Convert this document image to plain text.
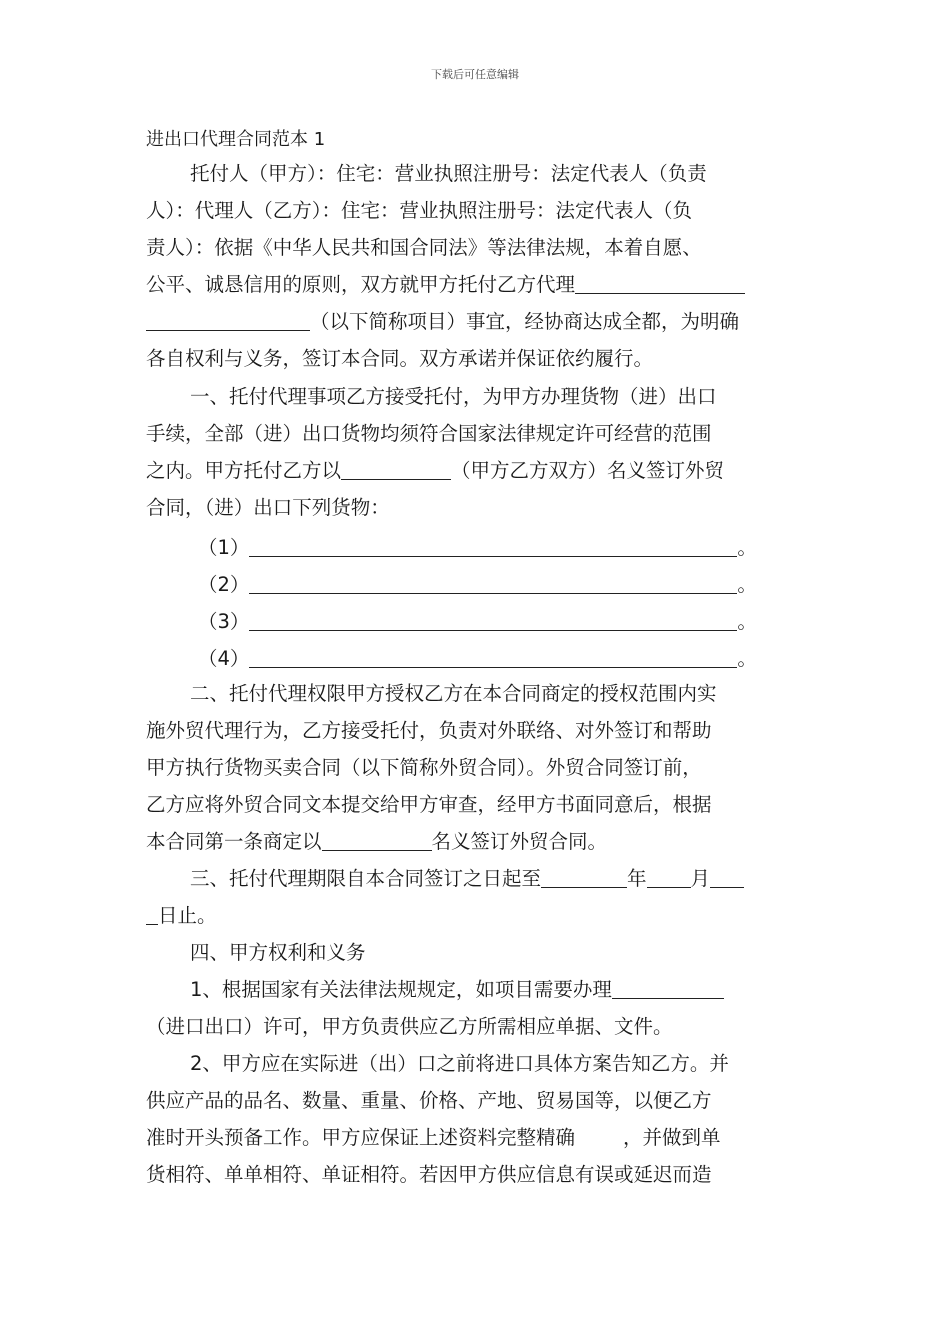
下载后可任意编辑
进出口代理合同范本 1
托付人（甲方）：住宅：营业执照注册号：法定代表人（负责
人）：代理人（乙方）：住宅：营业执照注册号：法定代表人（负
责人）：依据《中华人民共和国合同法》等法律法规，本着自愿、
公平、诚恳信用的原则，双方就甲方托付乙方代理
（以下简称项目）事宜，经协商达成全都，为明确
各自权利与义务，签订本合同。双方承诺并保证依约履行。
一、托付代理事项乙方接受托付，为甲方办理货物（进）出口
手续，全部（进）出口货物均须符合国家法律规定许可经营的范围
之内。甲方托付乙方以	（甲方乙方双方）名义签订外贸
合同，（进）出口下列货物：
（1）	。
（2）	。
（3）	。
（4）	。
二、托付代理权限甲方授权乙方在本合同商定的授权范围内实
施外贸代理行为，乙方接受托付，负责对外联络、对外签订和帮助
甲方执行货物买卖合同（以下简称外贸合同）。外贸合同签订前，
乙方应将外贸合同文本提交给甲方审查，经甲方书面同意后，根据
本合同第一条商定以	名义签订外贸合同。
三、托付代理期限自本合同签订之日起至	年 月
日止。
四、甲方权利和义务
1、根据国家有关法律法规规定，如项目需要办理
（进口出口）许可，甲方负责供应乙方所需相应单据、文件。
2、甲方应在实际进（出）口之前将进口具体方案告知乙方。并
供应产品的品名、数量、重量、价格、产地、贸易国等，以便乙方
准时开头预备工作。甲方应保证上述资料完整精确 ，并做到单
货相符、单单相符、单证相符。若因甲方供应信息有误或延迟而造
